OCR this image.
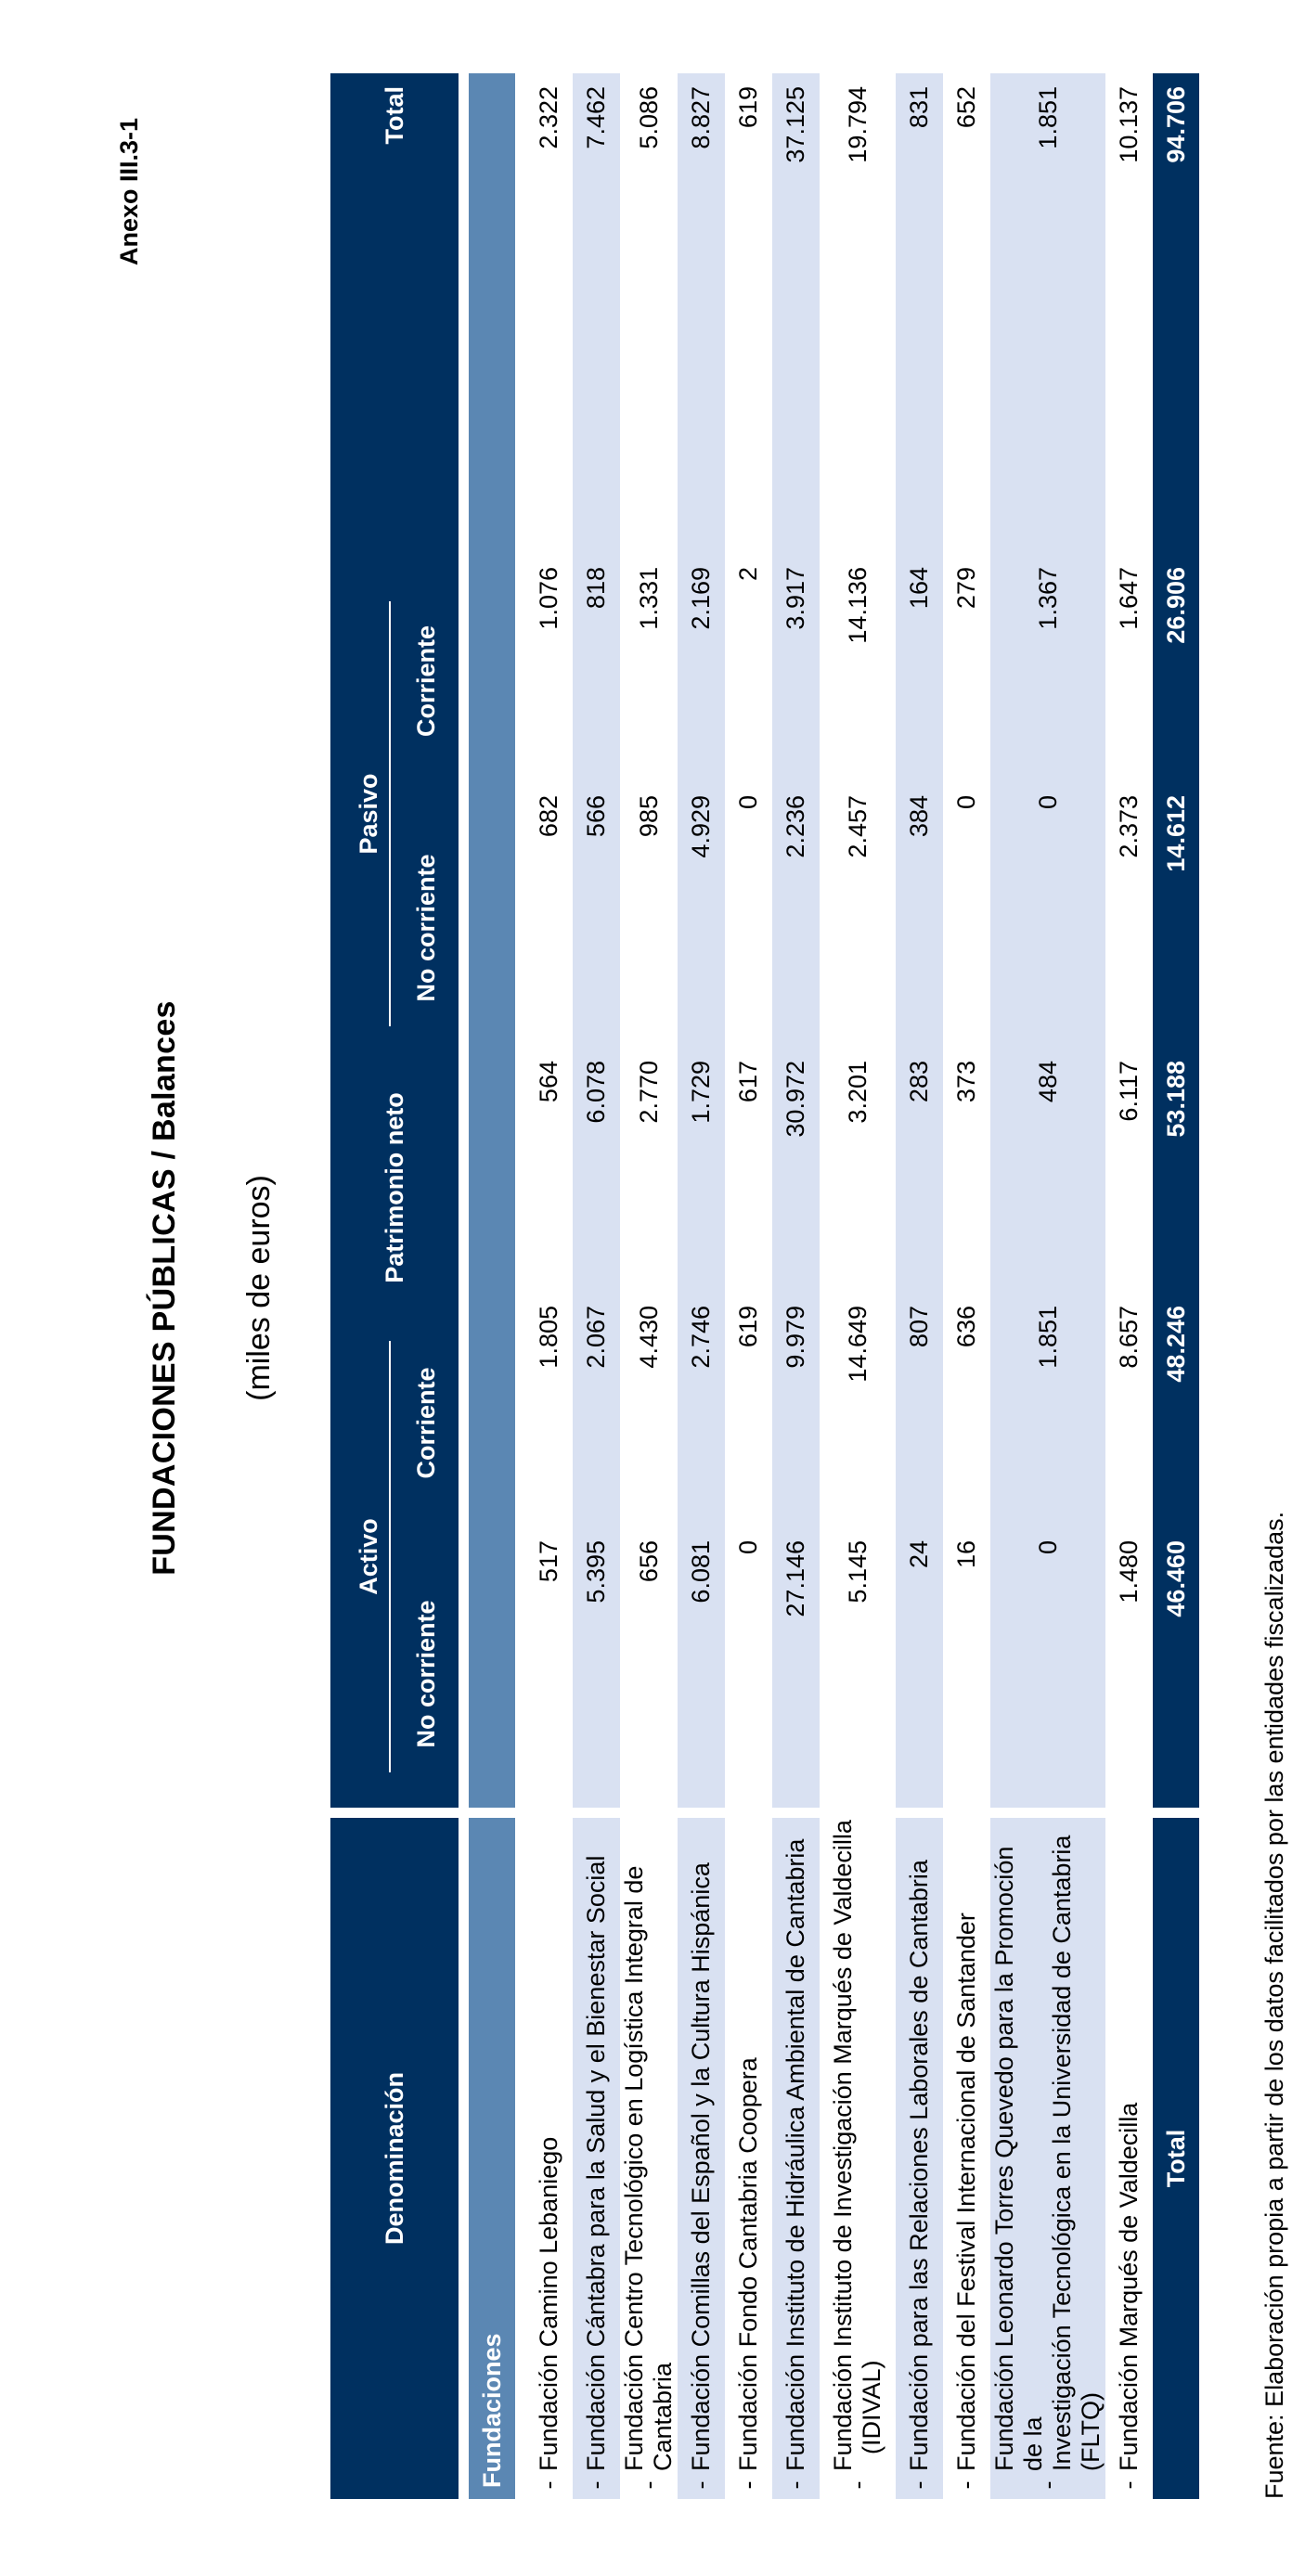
Anexo III.3-1
FUNDACIONES PÚBLICAS / Balances (miles de euros)
Denominación			Activo		Patrimonio neto	Pasivo		Total
			No corriente	Corriente		No corriente	Corriente	

Fundaciones								

-	Fundación Camino Lebaniego		517	1.805	564	682	1.076	2.322
-	Fundación Cántabra para la Salud y el Bienestar Social		5.395	2.067	6.078	566	818	7.462
-	Fundación Centro Tecnológico en Logística Integral de Cantabria		656	4.430	2.770	985	1.331	5.086
-	Fundación Comillas del Español y la Cultura Hispánica		6.081	2.746	1.729	4.929	2.169	8.827
-	Fundación Fondo Cantabria Coopera		0	619	617	0	2	619
-	Fundación Instituto de Hidráulica Ambiental de Cantabria		27.146	9.979	30.972	2.236	3.917	37.125
-	Fundación Instituto de Investigación Marqués de Valdecilla (IDIVAL)		5.145	14.649	3.201	2.457	14.136	19.794
-	Fundación para las Relaciones Laborales de Cantabria		24	807	283	384	164	831
-	Fundación del Festival Internacional de Santander		16	636	373	0	279	652
-	Fundación Leonardo Torres Quevedo para la Promoción de la Investigación Tecnológica en la Universidad de Cantabria (FLTQ)		0	1.851	484	0	1.367	1.851
-	Fundación Marqués de Valdecilla		1.480	8.657	6.117	2.373	1.647	10.137
Total			46.460	48.246	53.188	14.612	26.906	94.706
Fuente: Elaboración propia a partir de los datos facilitados por las entidades fiscalizadas.
